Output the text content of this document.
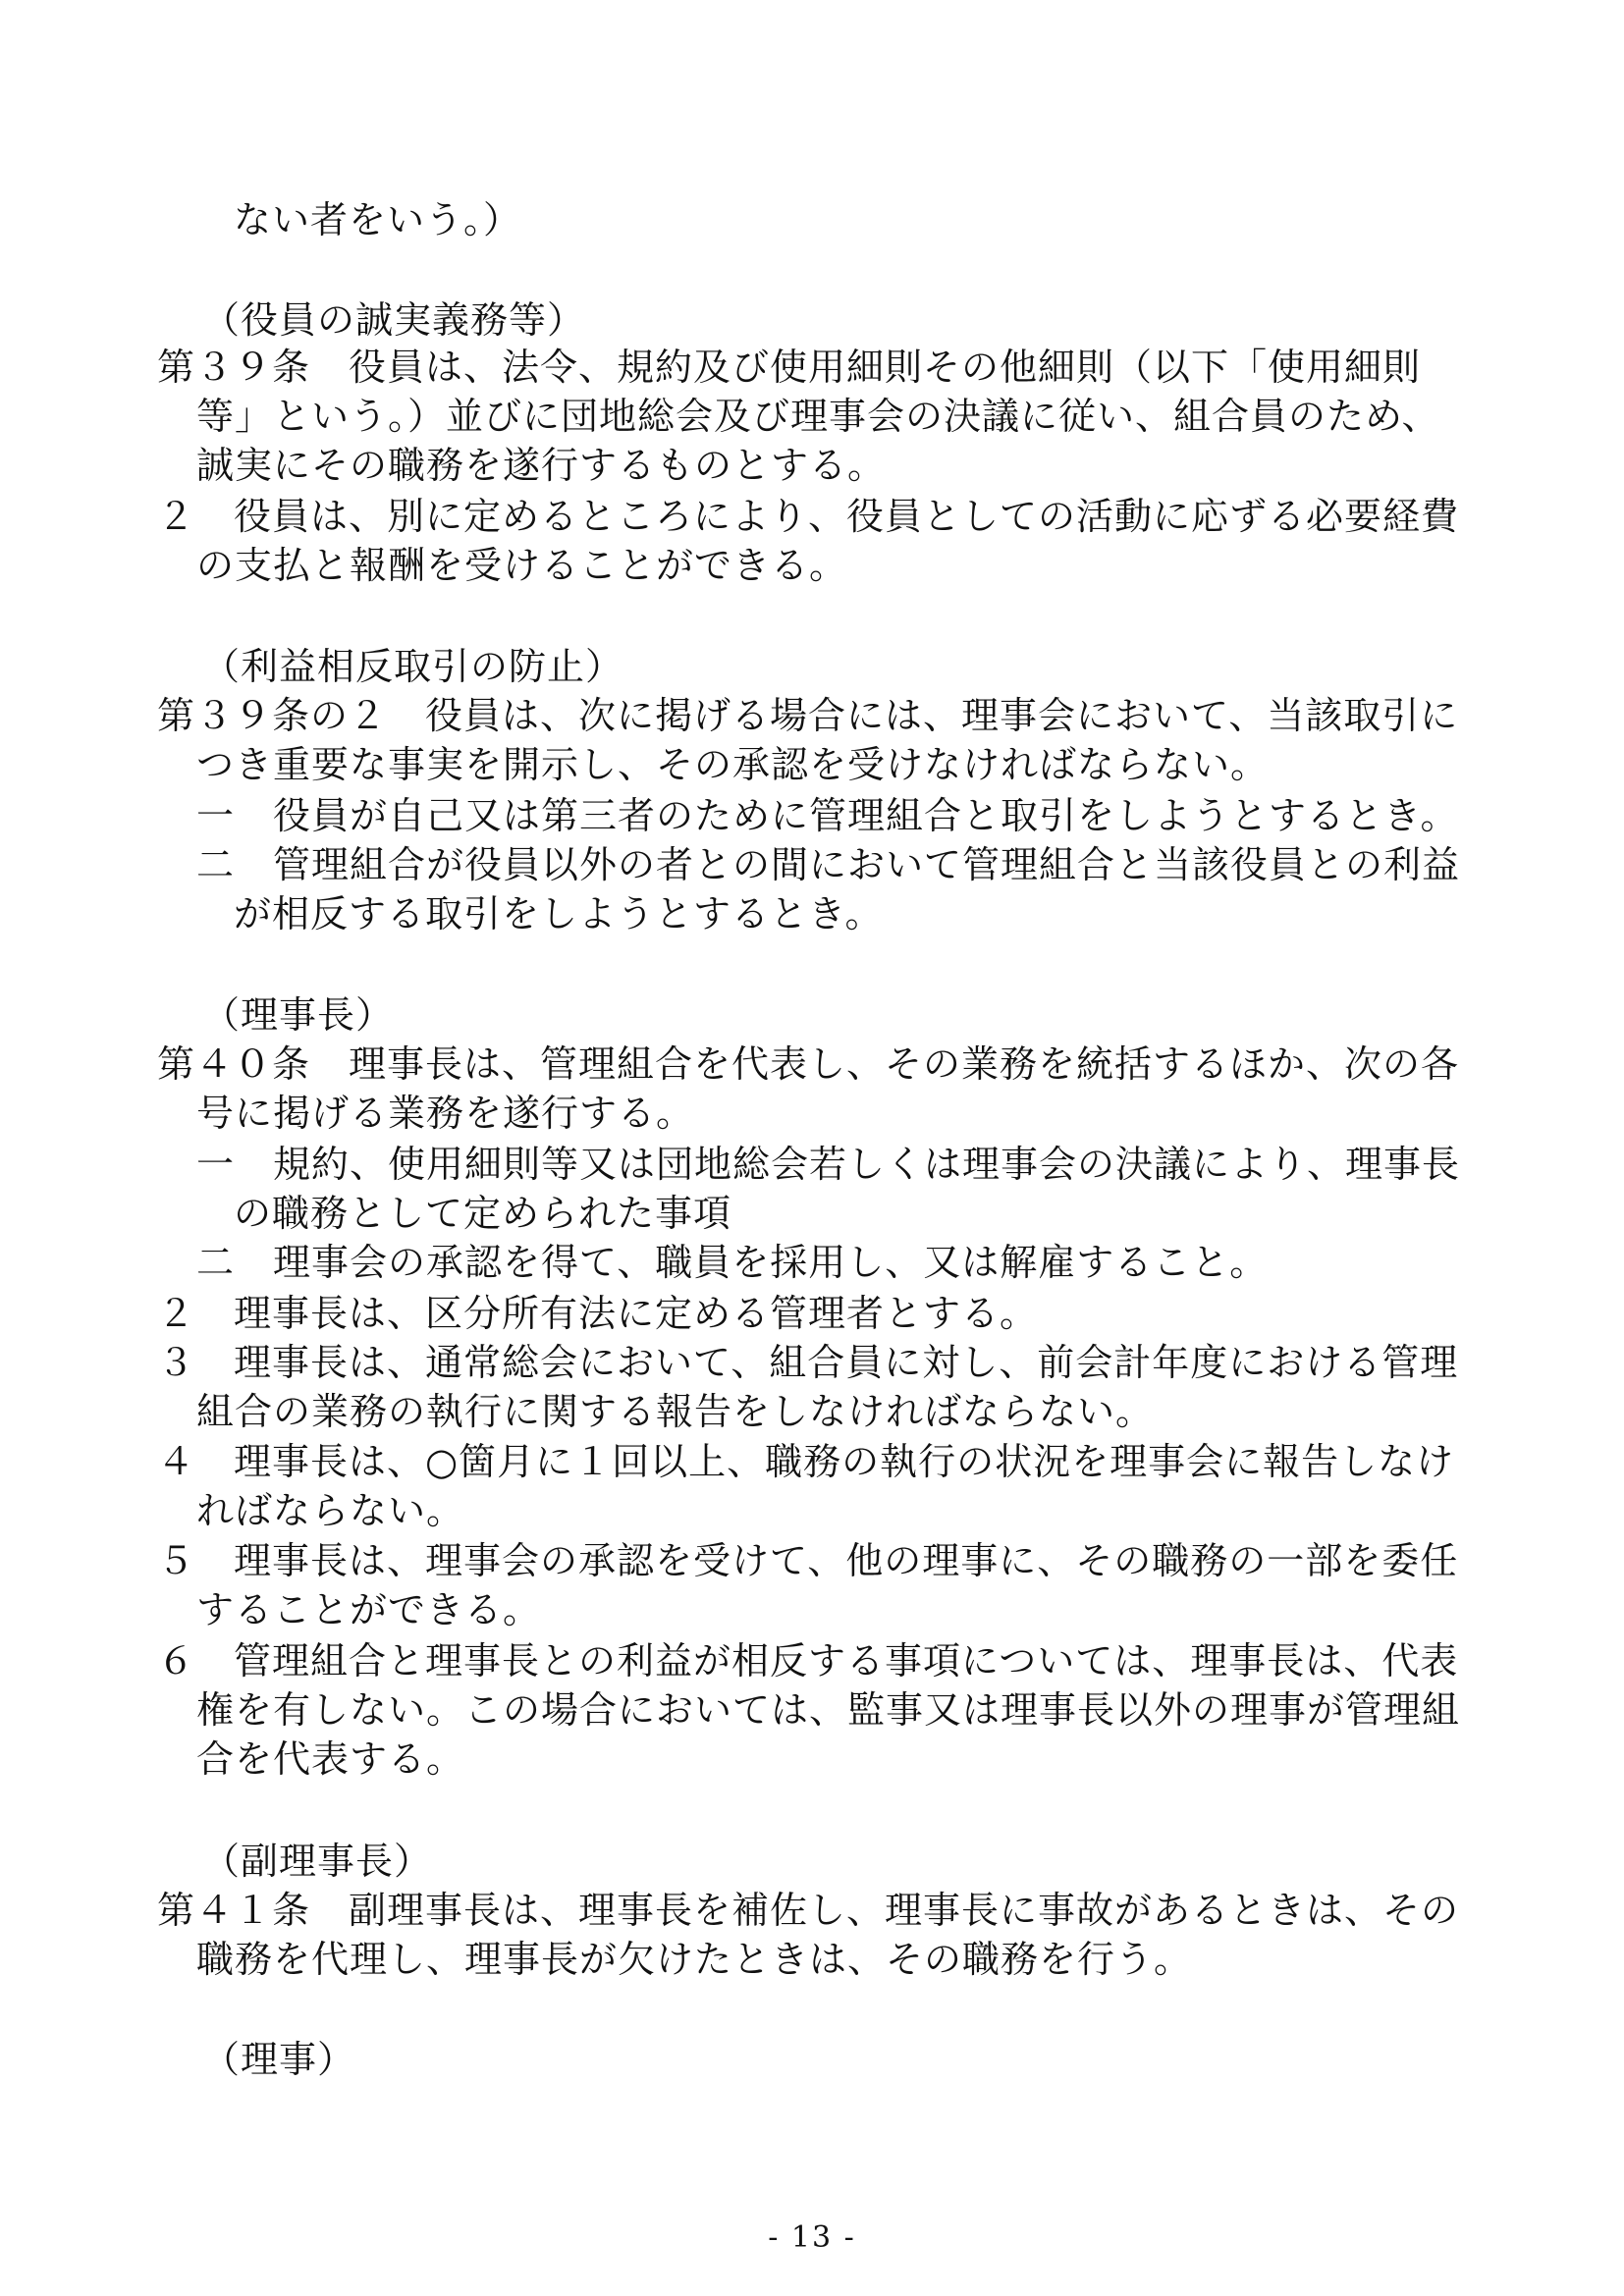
ない者をいう。）
（役員の誠実義務等）
第３９条　役員は、法令、規約及び使用細則その他細則（以下「使用細則
等」という。）並びに団地総会及び理事会の決議に従い、組合員のため、
誠実にその職務を遂行するものとする。
２　役員は、別に定めるところにより、役員としての活動に応ずる必要経費
の支払と報酬を受けることができる。
（利益相反取引の防止）
第３９条の２　役員は、次に掲げる場合には、理事会において、当該取引に
つき重要な事実を開示し、その承認を受けなければならない。
一　役員が自己又は第三者のために管理組合と取引をしようとするとき。
二　管理組合が役員以外の者との間において管理組合と当該役員との利益
が相反する取引をしようとするとき。
（理事長）
第４０条　理事長は、管理組合を代表し、その業務を統括するほか、次の各
号に掲げる業務を遂行する。
一　規約、使用細則等又は団地総会若しくは理事会の決議により、理事長
の職務として定められた事項
二　理事会の承認を得て、職員を採用し、又は解雇すること。
２　理事長は、区分所有法に定める管理者とする。
３　理事長は、通常総会において、組合員に対し、前会計年度における管理
組合の業務の執行に関する報告をしなければならない。
４　理事長は、○箇月に１回以上、職務の執行の状況を理事会に報告しなけ
ればならない。
５　理事長は、理事会の承認を受けて、他の理事に、その職務の一部を委任
することができる。
６　管理組合と理事長との利益が相反する事項については、理事長は、代表
権を有しない。この場合においては、監事又は理事長以外の理事が管理組
合を代表する。
（副理事長）
第４１条　副理事長は、理事長を補佐し、理事長に事故があるときは、その
職務を代理し、理事長が欠けたときは、その職務を行う。
（理事）
- 13 -
